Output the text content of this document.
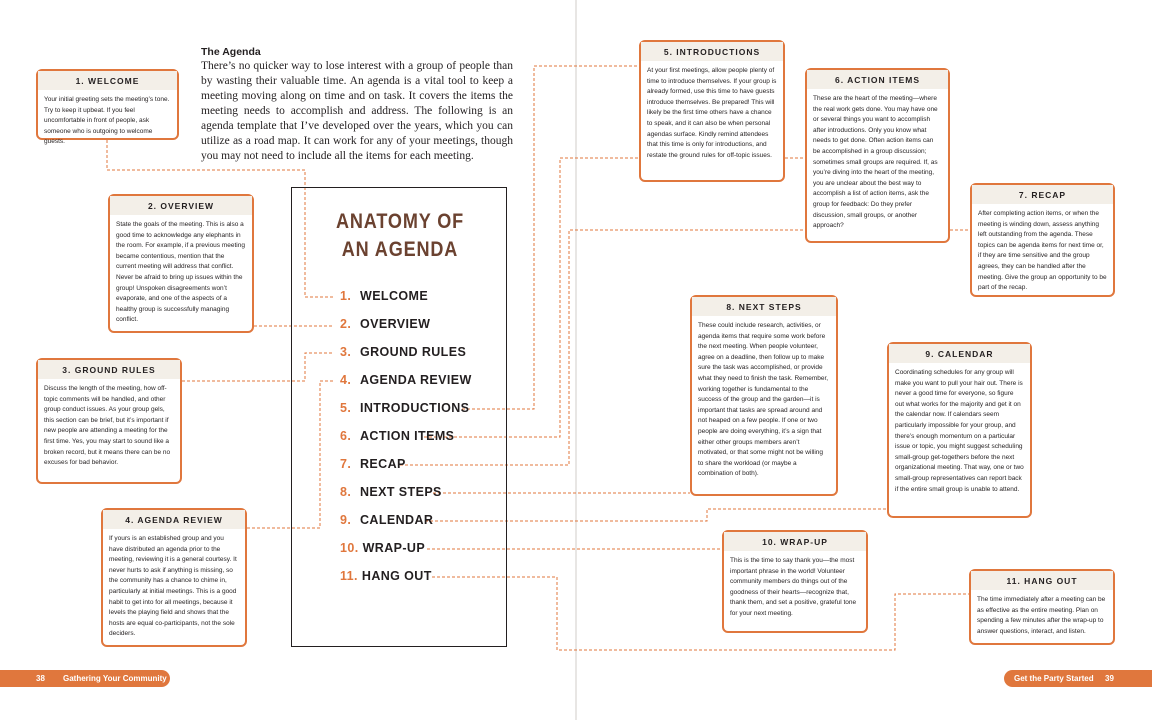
The Agenda
There’s no quicker way to lose interest with a group of people than by wasting their valuable time. An agenda is a vital tool to keep a meeting moving along on time and on task. It covers the items the meeting needs to accomplish and address. The following is an agenda template that I’ve developed over the years, which you can utilize as a road map. It can work for any of your meetings, though you may not need to include all the items for each meeting.
ANATOMY OF
AN AGENDA
1. WELCOME
2. OVERVIEW
3. GROUND RULES
4. AGENDA REVIEW
5. INTRODUCTIONS
6. ACTION ITEMS
7. RECAP
8. NEXT STEPS
9. CALENDAR
10. WRAP-UP
11. HANG OUT
1. WELCOME
Your initial greeting sets the meeting’s tone. Try to keep it upbeat. If you feel uncomfortable in front of people, ask someone who is outgoing to welcome guests.
2. OVERVIEW
State the goals of the meeting. This is also a good time to acknowledge any elephants in the room. For example, if a previous meeting became contentious, mention that the current meeting will address that conflict. Never be afraid to bring up issues within the group! Unspoken disagreements won’t evaporate, and one of the aspects of a healthy group is successfully managing conflict.
3. GROUND RULES
Discuss the length of the meeting, how off-topic comments will be handled, and other group conduct issues. As your group gels, this section can be brief, but it’s important if new people are attending a meeting for the first time. Yes, you may start to sound like a broken record, but it means there can be no excuses for bad behavior.
4. AGENDA REVIEW
If yours is an established group and you have distributed an agenda prior to the meeting, reviewing it is a general courtesy. It never hurts to ask if anything is missing, so the community has a chance to chime in, particularly at initial meetings. This is a good habit to get into for all meetings, because it levels the playing field and shows that the hosts are equal co-participants, not the sole deciders.
5. INTRODUCTIONS
At your first meetings, allow people plenty of time to introduce themselves. If your group is already formed, use this time to have guests introduce themselves. Be prepared! This will likely be the first time others have a chance to speak, and it can also be when personal agendas surface. Kindly remind attendees that this time is only for introductions, and restate the ground rules for off-topic issues.
6. ACTION ITEMS
These are the heart of the meeting—where the real work gets done. You may have one or several things you want to accomplish after introductions. Only you know what needs to get done. Often action items can be accomplished in a group discussion; sometimes small groups are required. If, as you’re diving into the heart of the meeting, you are unclear about the best way to accomplish a list of action items, ask the group for feedback: Do they prefer discussion, small groups, or another approach?
7. RECAP
After completing action items, or when the meeting is winding down, assess anything left outstanding from the agenda. These topics can be agenda items for next time or, if they are time sensitive and the group agrees, they can be handled after the meeting. Give the group an opportunity to be part of the recap.
8. NEXT STEPS
These could include research, activities, or agenda items that require some work before the next meeting. When people volunteer, agree on a deadline, then follow up to make sure the task was accomplished, or provide what they need to finish the task. Remember, working together is fundamental to the success of the group and the garden—it is important that tasks are spread around and not heaped on a few people. If one or two people are doing everything, it’s a sign that either other groups members aren’t motivated, or that some might not be willing to share the workload (or maybe a combination of both).
9. CALENDAR
Coordinating schedules for any group will make you want to pull your hair out. There is never a good time for everyone, so figure out what works for the majority and get it on the calendar now. If calendars seem particularly impossible for your group, and there’s enough momentum on a particular issue or topic, you might suggest scheduling small-group get-togethers before the next organizational meeting. That way, one or two small-group representatives can report back if the entire small group is unable to attend.
10. WRAP-UP
This is the time to say thank you—the most important phrase in the world! Volunteer community members do things out of the goodness of their hearts—recognize that, thank them, and set a positive, grateful tone for your next meeting.
11. HANG OUT
The time immediately after a meeting can be as effective as the entire meeting. Plan on spending a few minutes after the wrap-up to answer questions, interact, and listen.
38 Gathering Your Community	Get the Party Started 39
